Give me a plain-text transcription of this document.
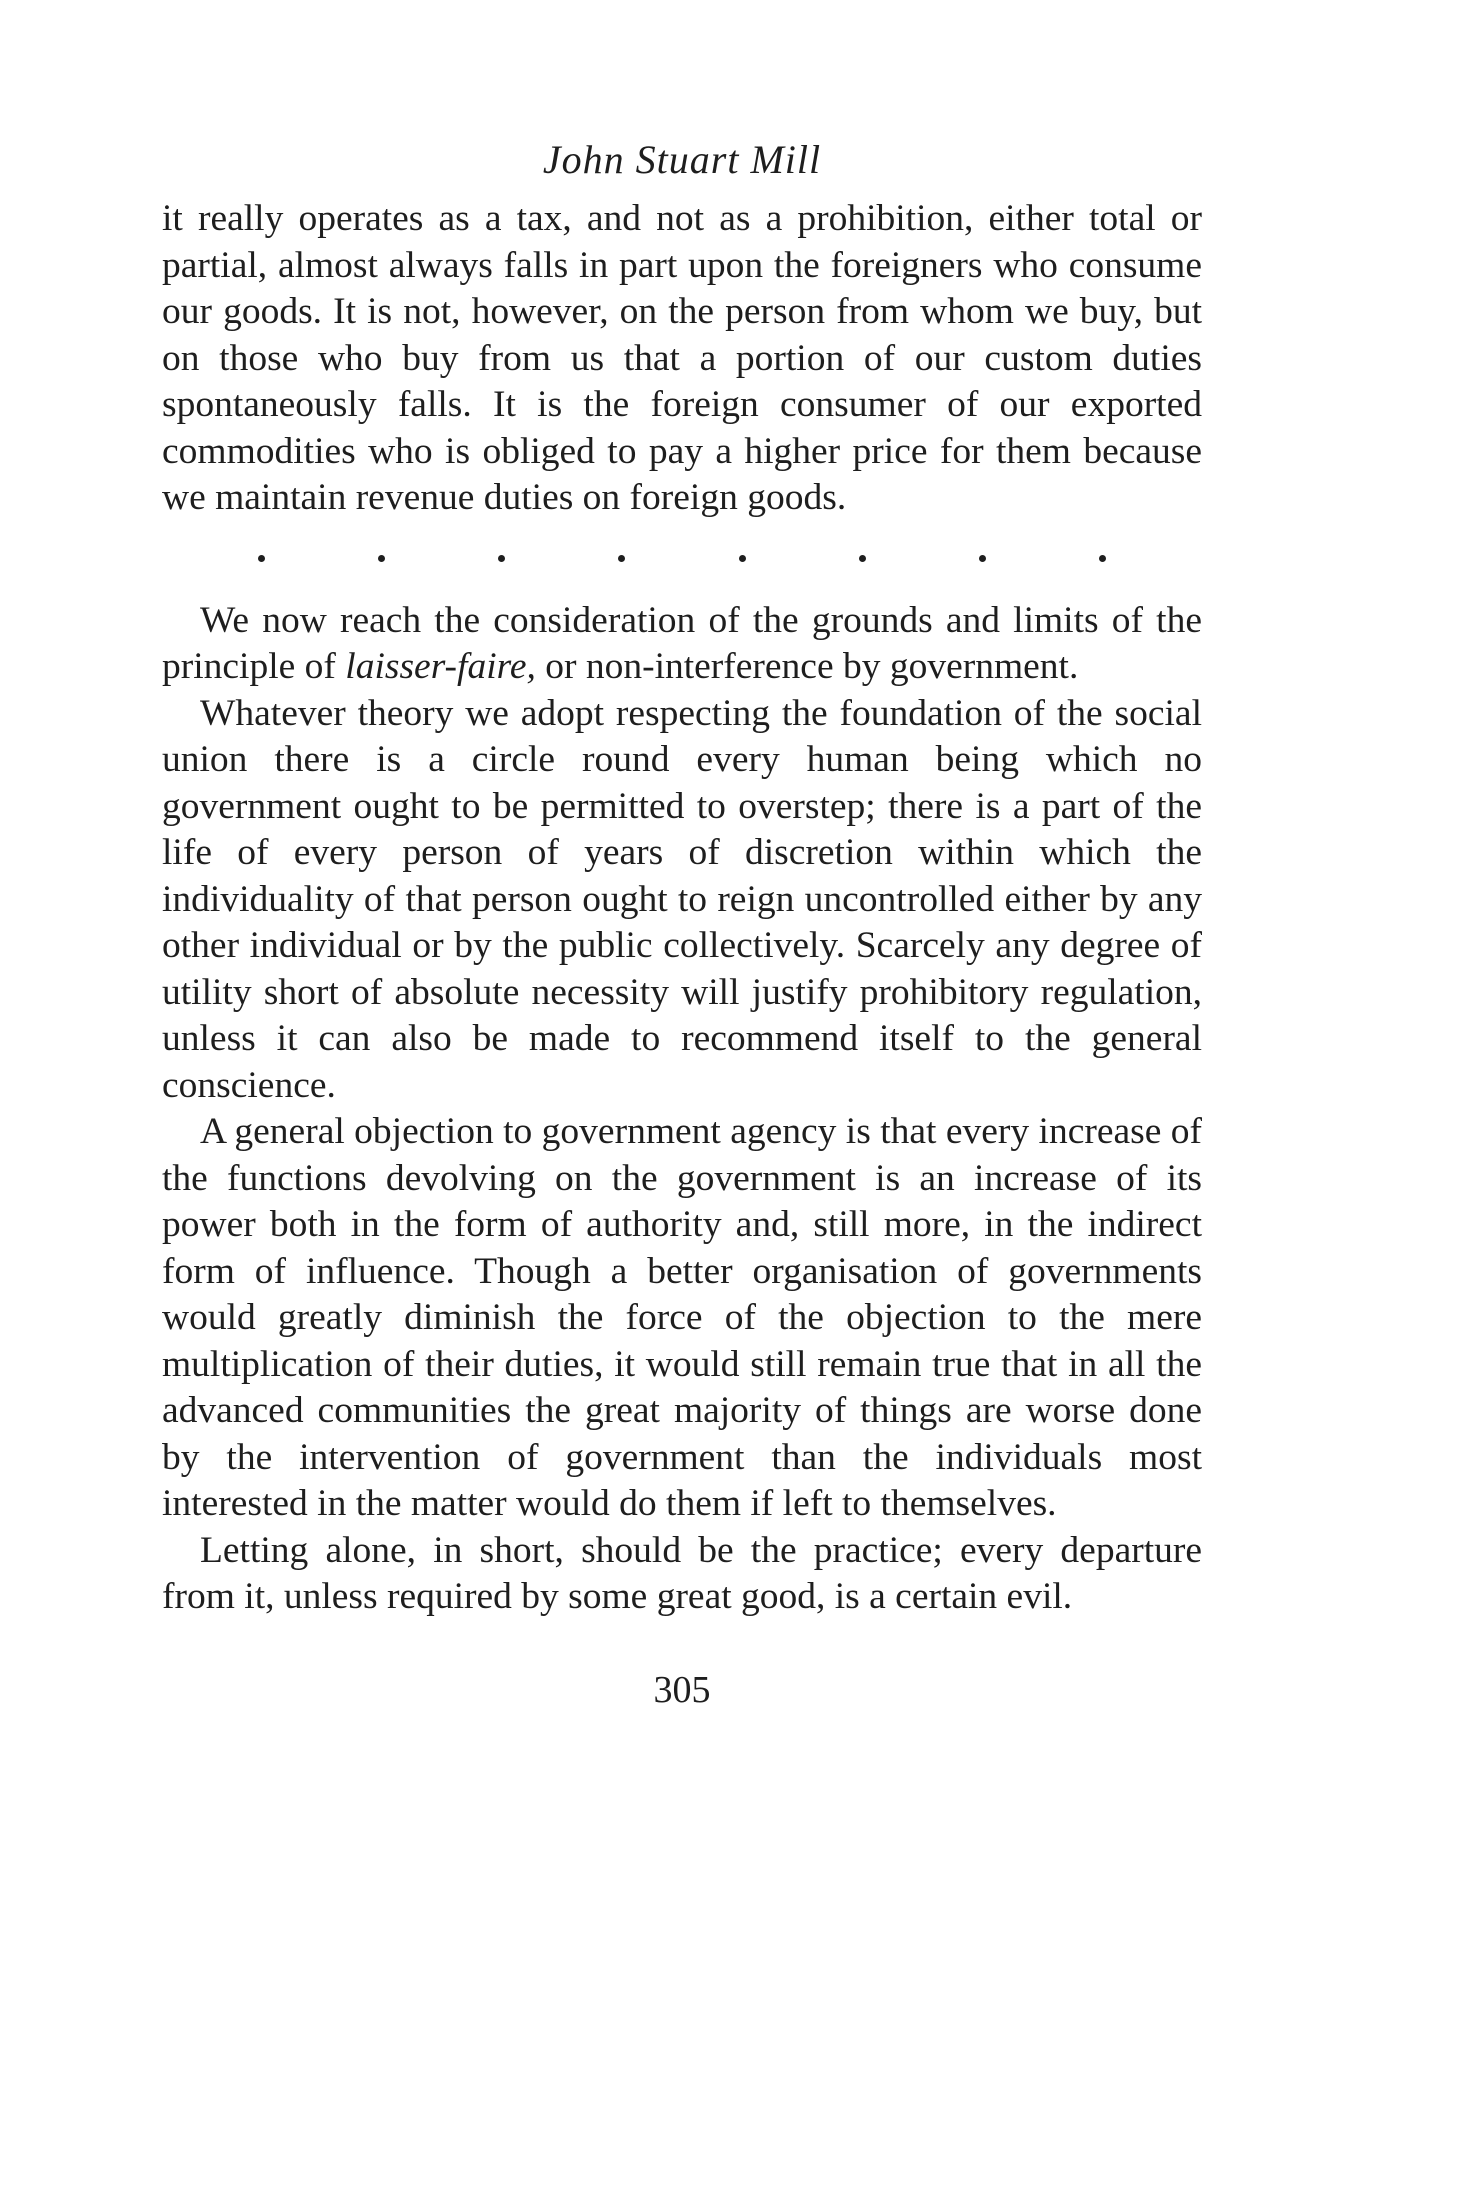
John Stuart Mill

it really operates as a tax, and not as a prohibition, either total or partial, almost always falls in part upon the foreigners who consume our goods. It is not, however, on the person from whom we buy, but on those who buy from us that a portion of our custom duties spontaneously falls. It is the foreign consumer of our exported commodities who is obliged to pay a higher price for them because we maintain revenue duties on foreign goods.

We now reach the consideration of the grounds and limits of the principle of laisser-faire, or non-interference by government.

Whatever theory we adopt respecting the foundation of the social union there is a circle round every human being which no government ought to be permitted to overstep; there is a part of the life of every person of years of discretion within which the individuality of that person ought to reign uncontrolled either by any other individual or by the public collectively. Scarcely any degree of utility short of absolute necessity will justify prohibitory regulation, unless it can also be made to recommend itself to the general conscience.

A general objection to government agency is that every increase of the functions devolving on the government is an increase of its power both in the form of authority and, still more, in the indirect form of influence. Though a better organisation of governments would greatly diminish the force of the objection to the mere multiplication of their duties, it would still remain true that in all the advanced communities the great majority of things are worse done by the intervention of government than the individuals most interested in the matter would do them if left to themselves.

Letting alone, in short, should be the practice; every departure from it, unless required by some great good, is a certain evil.

305
